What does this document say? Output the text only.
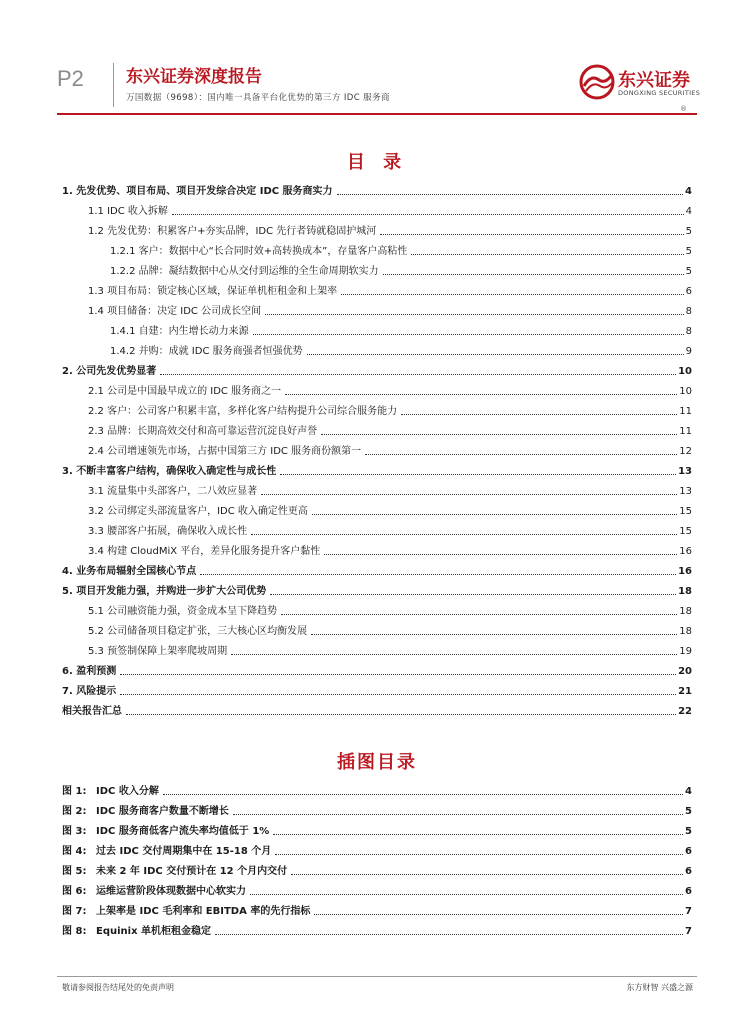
P2 东兴证券深度报告
万国数据（9698）：国内唯一具备平台化优势的第三方 IDC 服务商
东兴证券
DONGXING SECURITIES
®
目 录
1. 先发优势、项目布局、项目开发综合决定 IDC 服务商实力	4
1.1 IDC 收入拆解	4
1.2 先发优势：积累客户+夯实品牌，IDC 先行者铸就稳固护城河	5
1.2.1 客户：数据中心“长合同时效+高转换成本”，存量客户高粘性	5
1.2.2 品牌：凝结数据中心从交付到运维的全生命周期软实力	5
1.3 项目布局：锁定核心区域，保证单机柜租金和上架率	6
1.4 项目储备：决定 IDC 公司成长空间	8
1.4.1 自建：内生增长动力来源	8
1.4.2 并购：成就 IDC 服务商强者恒强优势	9
2. 公司先发优势显著	10
2.1 公司是中国最早成立的 IDC 服务商之一	10
2.2 客户：公司客户积累丰富，多样化客户结构提升公司综合服务能力	11
2.3 品牌：长期高效交付和高可靠运营沉淀良好声誉	11
2.4 公司增速领先市场，占据中国第三方 IDC 服务商份额第一	12
3. 不断丰富客户结构，确保收入确定性与成长性	13
3.1 流量集中头部客户，二八效应显著	13
3.2 公司绑定头部流量客户，IDC 收入确定性更高	15
3.3 腰部客户拓展，确保收入成长性	15
3.4 构建 CloudMiX 平台，差异化服务提升客户黏性	16
4. 业务布局辐射全国核心节点	16
5. 项目开发能力强，并购进一步扩大公司优势	18
5.1 公司融资能力强，资金成本呈下降趋势	18
5.2 公司储备项目稳定扩张，三大核心区均衡发展	18
5.3 预签制保障上架率爬坡周期	19
6. 盈利预测	20
7. 风险提示	21
相关报告汇总	22
插图目录
图 1: IDC 收入分解	4
图 2: IDC 服务商客户数量不断增长	5
图 3: IDC 服务商低客户流失率均值低于 1%	5
图 4: 过去 IDC 交付周期集中在 15-18 个月	6
图 5: 未来 2 年 IDC 交付预计在 12 个月内交付	6
图 6: 运维运营阶段体现数据中心软实力	6
图 7: 上架率是 IDC 毛利率和 EBITDA 率的先行指标	7
图 8: Equinix 单机柜租金稳定	7
敬请参阅报告结尾处的免责声明	东方财智 兴盛之源
